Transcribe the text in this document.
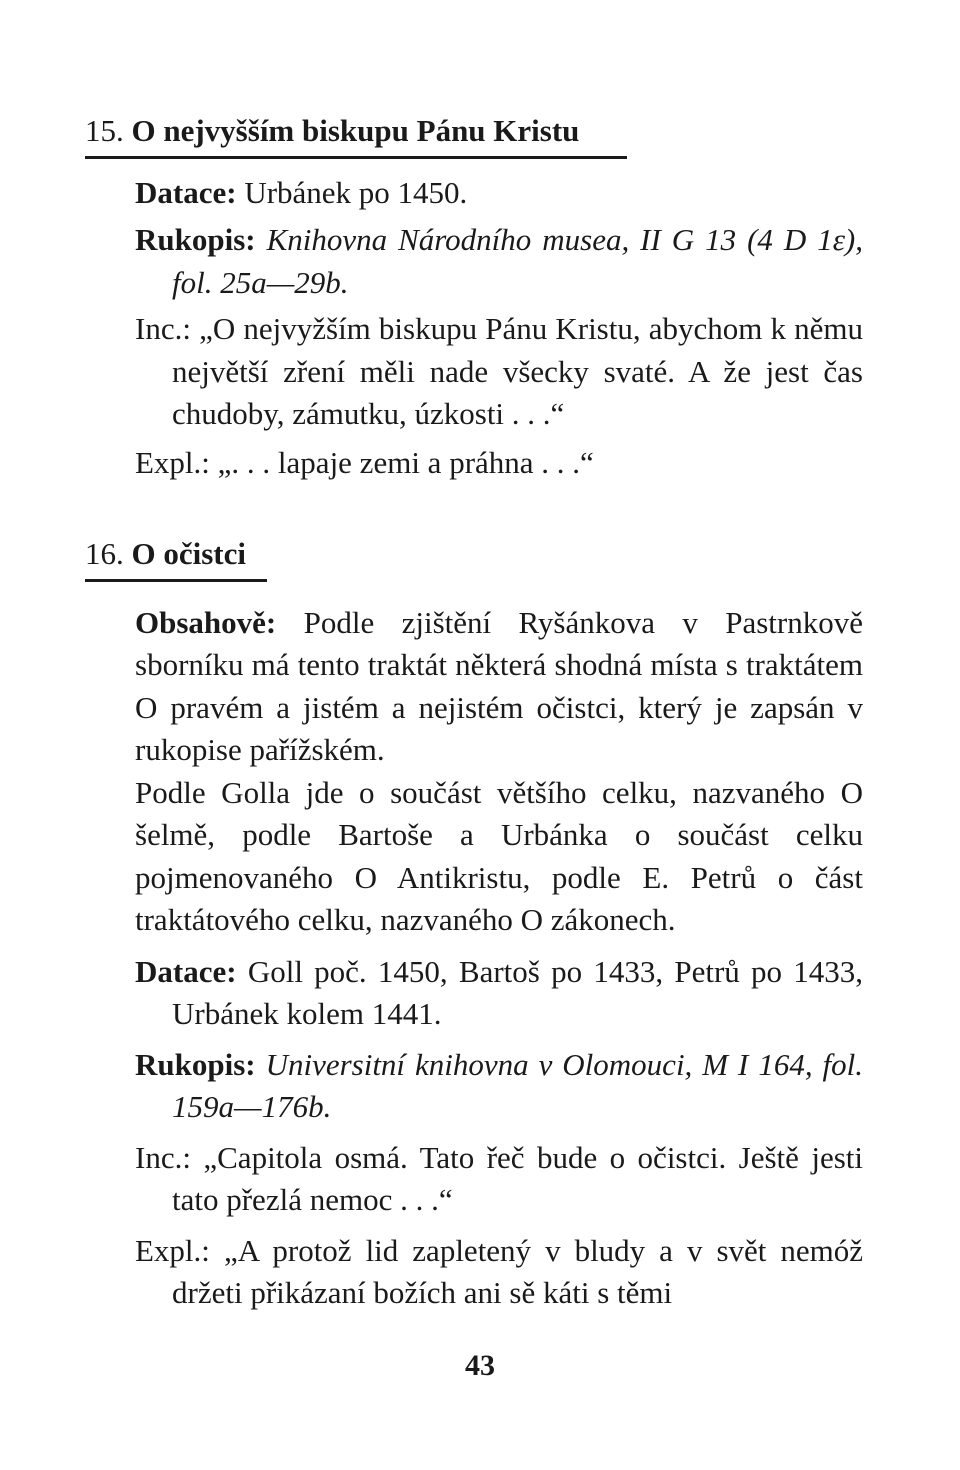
15. O nejvyšším biskupu Pánu Kristu

Datace: Urbánek po 1450.

Rukopis: Knihovna Národního musea, II G 13 (4 D 1ε), fol. 25a—29b.

Inc.: „O nejvyžším biskupu Pánu Kristu, abychom k němu největší zření měli nade všecky svaté. A že jest čas chudoby, zámutku, úzkosti . . .“

Expl.: „. . . lapaje zemi a práhna . . .“

16. O očistci

Obsahově: Podle zjištění Ryšánkova v Pastrnkově sborníku má tento traktát některá shodná místa s traktátem O pravém a jistém a nejistém očistci, který je zapsán v rukopise pařížském.

Podle Golla jde o součást většího celku, nazvaného O šelmě, podle Bartoše a Urbánka o součást celku pojmenovaného O Antikristu, podle E. Petrů o část traktátového celku, nazvaného O zákonech.

Datace: Goll poč. 1450, Bartoš po 1433, Petrů po 1433, Urbánek kolem 1441.

Rukopis: Universitní knihovna v Olomouci, M I 164, fol. 159a—176b.

Inc.: „Capitola osmá. Tato řeč bude o očistci. Ještě jesti tato přezlá nemoc . . .“

Expl.: „A protož lid zapletený v bludy a v svět nemóž držeti přikázaní božích ani sě káti s těmi

43
